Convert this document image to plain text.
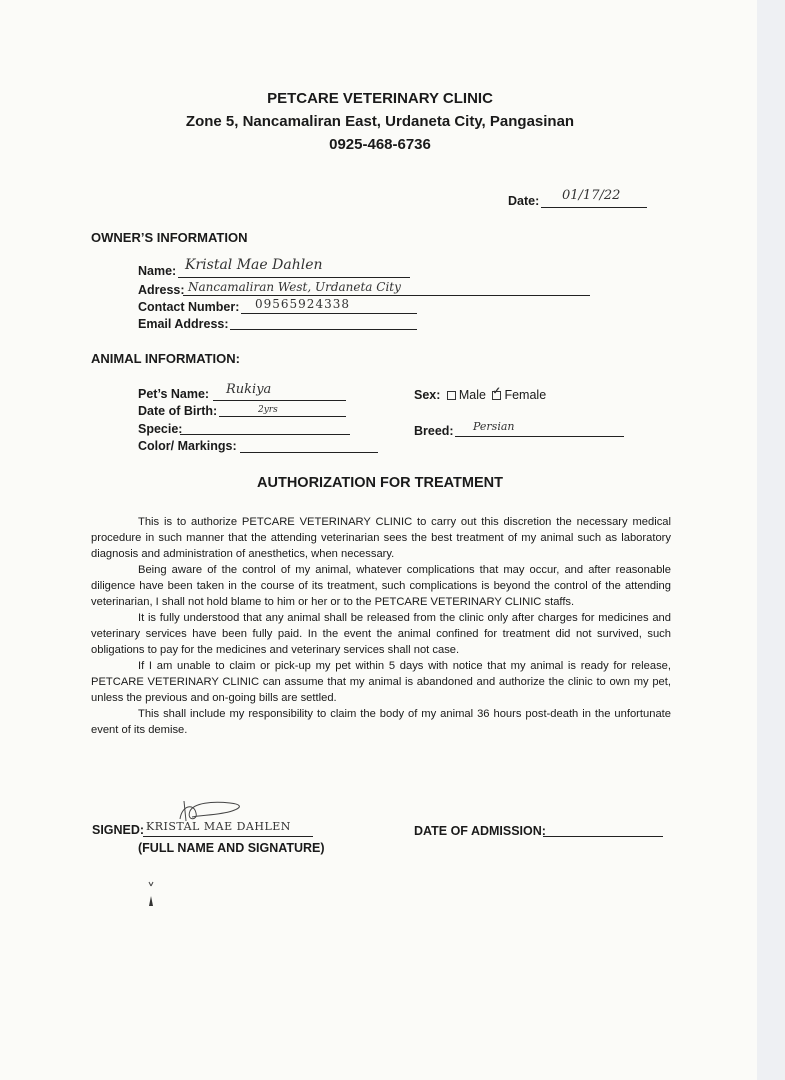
PETCARE VETERINARY CLINIC
Zone 5, Nancamaliran East, Urdaneta City, Pangasinan
0925-468-6736
Date: 01/17/22
OWNER’S INFORMATION
Name: Kristal Mae Dahlen
Adress: Nancamaliran West, Urdaneta City
Contact Number: 09565924338
Email Address:
ANIMAL INFORMATION:
Pet’s Name: Rukiya
Date of Birth:	2yrs
Specie:
Color/ Markings:
Sex: Male ✓ Female
Breed: Persian
AUTHORIZATION FOR TREATMENT

This is to authorize PETCARE VETERINARY CLINIC to carry out this discretion the necessary medical procedure in such manner that the attending veterinarian sees the best treatment of my animal such as laboratory diagnosis and administration of anesthetics, when necessary.

Being aware of the control of my animal, whatever complications that may occur, and after reasonable diligence have been taken in the course of its treatment, such complications is beyond the control of the attending veterinarian, I shall not hold blame to him or her or to the PETCARE VETERINARY CLINIC staffs.

It is fully understood that any animal shall be released from the clinic only after charges for medicines and veterinary services have been fully paid. In the event the animal confined for treatment did not survived, such obligations to pay for the medicines and veterinary services shall not case.

If I am unable to claim or pick-up my pet within 5 days with notice that my animal is ready for release, PETCARE VETERINARY CLINIC can assume that my animal is abandoned and authorize the clinic to own my pet, unless the previous and on-going bills are settled.

This shall include my responsibility to claim the body of my animal 36 hours post-death in the unfortunate event of its demise.

SIGNED: KRISTAL MAE DAHLEN
(FULL NAME AND SIGNATURE)
DATE OF ADMISSION:
